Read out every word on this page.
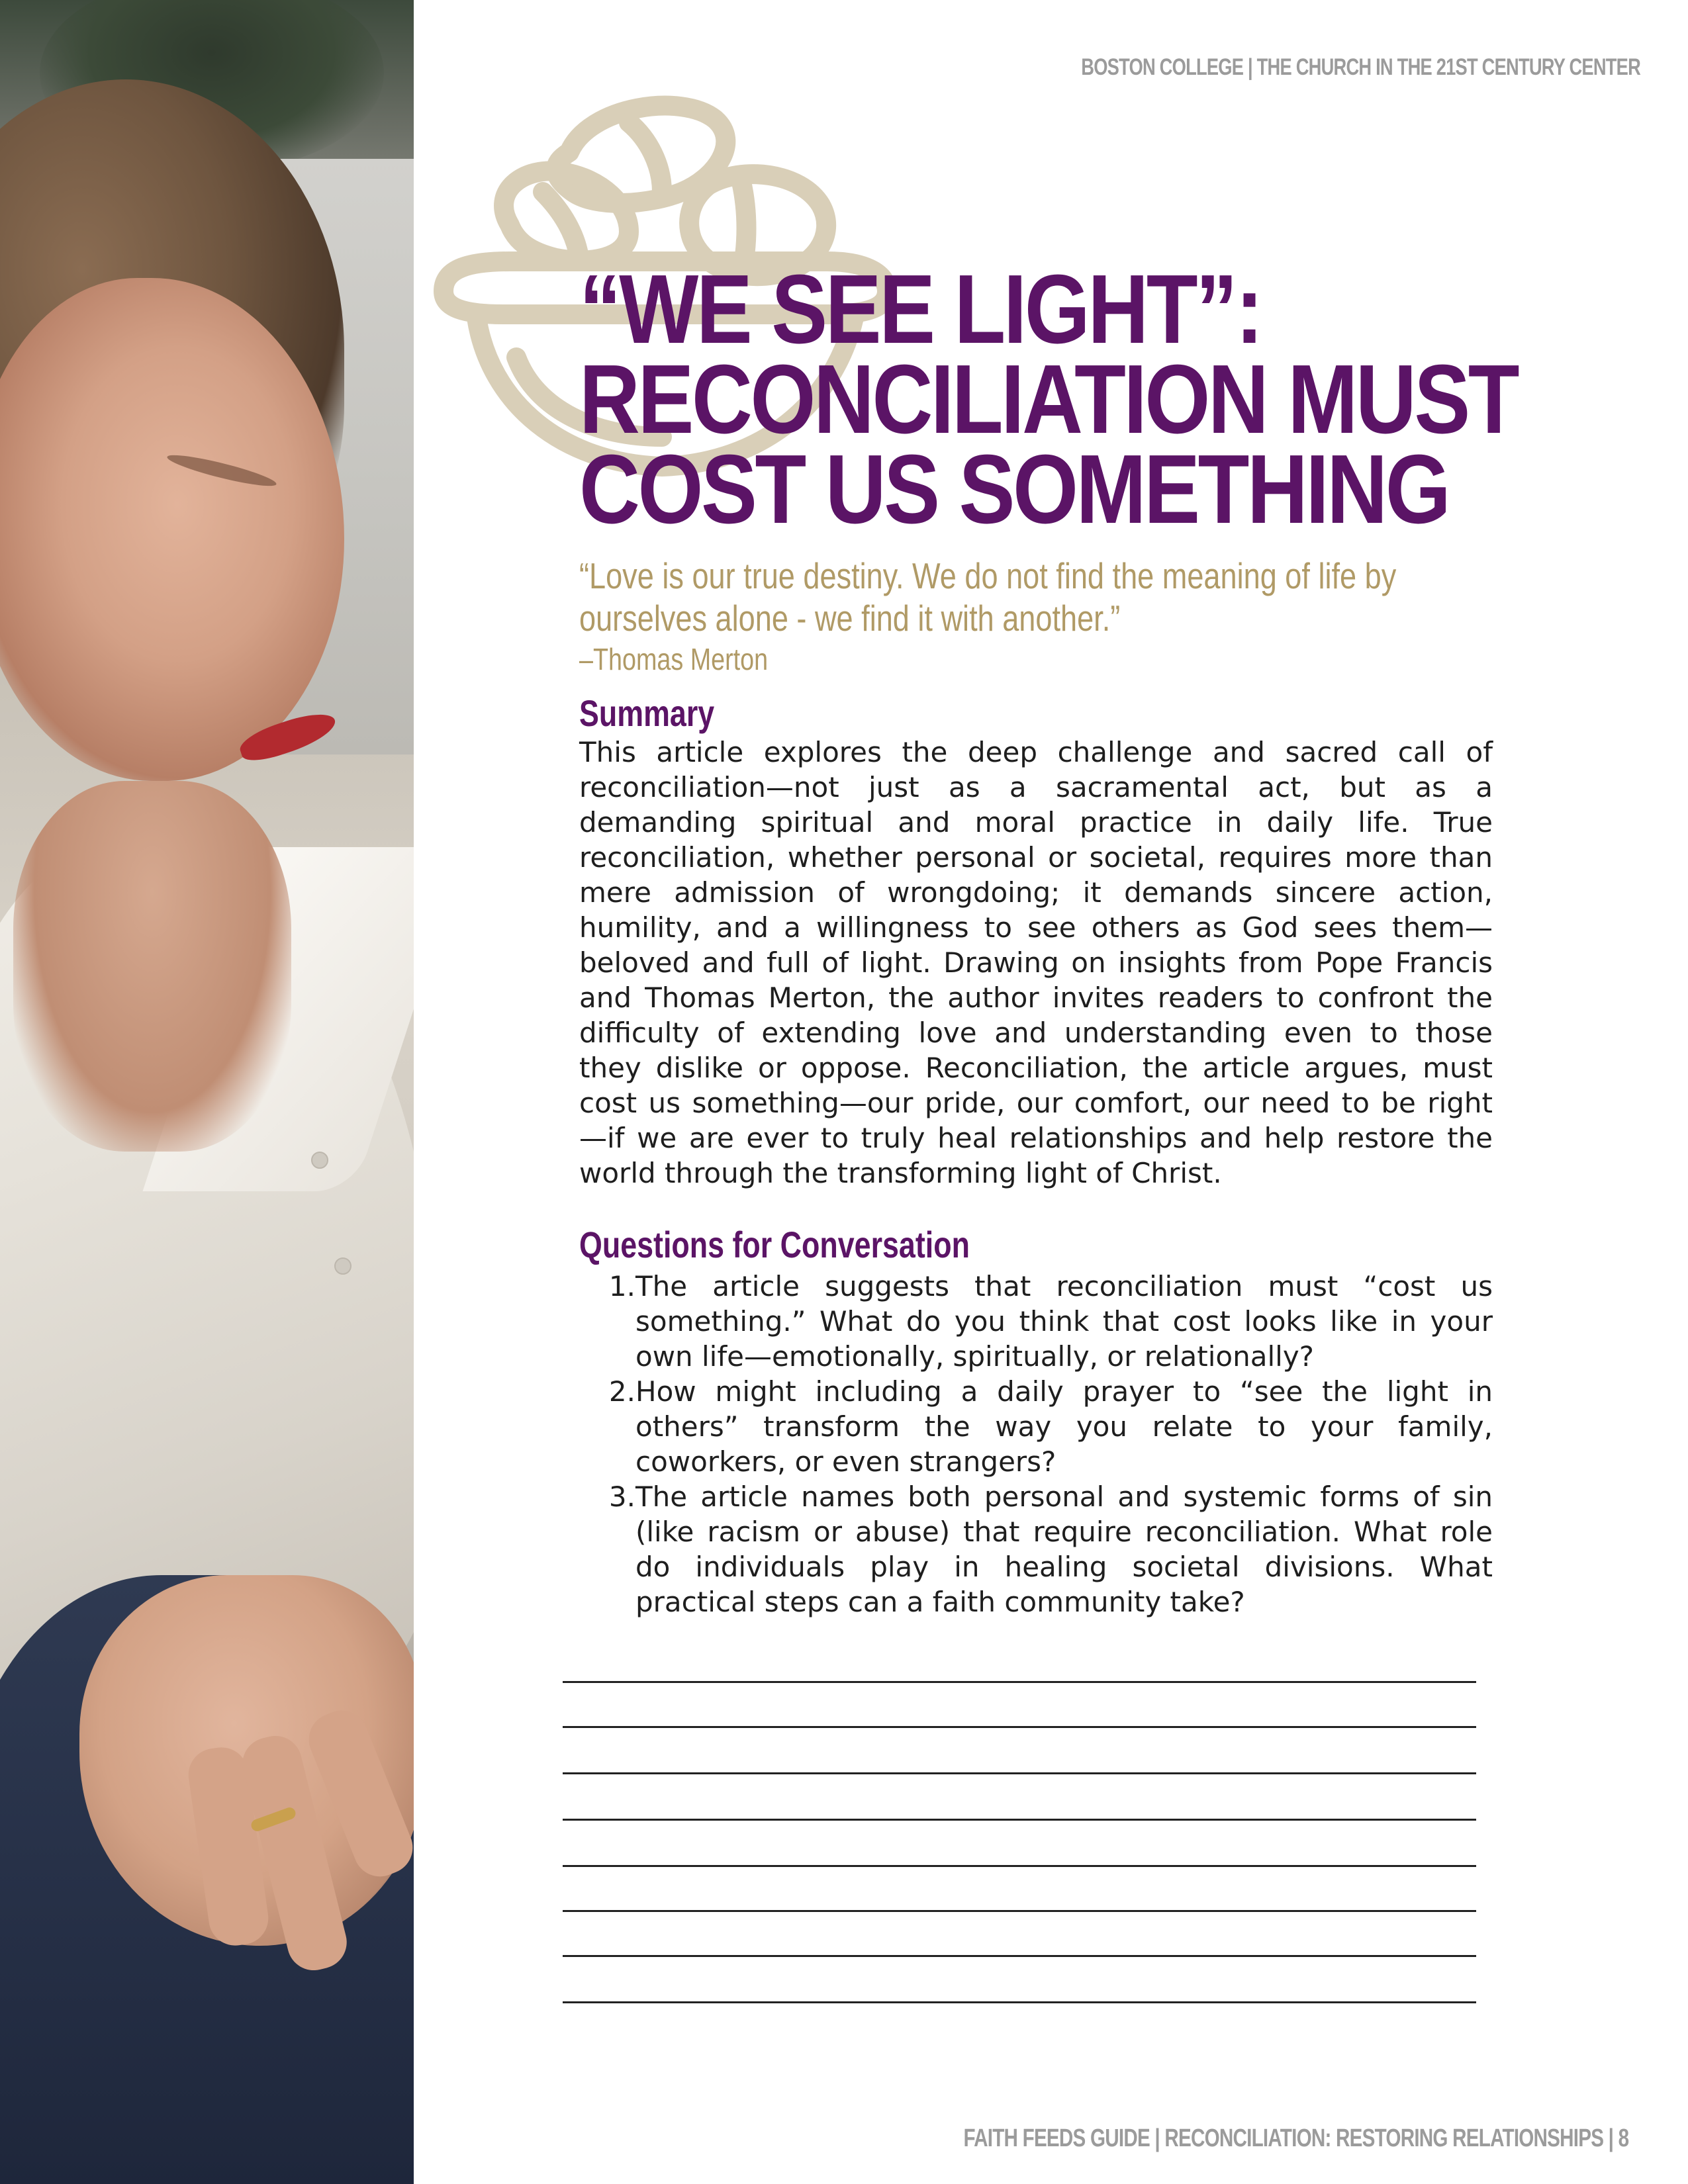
BOSTON COLLEGE | THE CHURCH IN THE 21ST CENTURY CENTER
“WE SEE LIGHT”:
RECONCILIATION MUST
COST US SOMETHING
“Love is our true destiny. We do not find the meaning of life by ourselves alone - we find it with another.”
–Thomas Merton
Summary

This article explores the deep challenge and sacred call of reconciliation—not just as a sacramental act, but as a demanding spiritual and moral practice in daily life. True reconciliation, whether personal or societal, requires more than mere admission of wrongdoing; it demands sincere action, humility, and a willingness to see others as God sees them—beloved and full of light. Drawing on insights from Pope Francis and Thomas Merton, the author invites readers to confront the difficulty of extending love and understanding even to those they dislike or oppose. Reconciliation, the article argues, must cost us something—our pride, our comfort, our need to be right—if we are ever to truly heal relationships and help restore the world through the transforming light of Christ.

Questions for Conversation
1. The article suggests that reconciliation must “cost us something.” What do you think that cost looks like in your own life—emotionally, spiritually, or relationally?
2. How might including a daily prayer to “see the light in others” transform the way you relate to your family, coworkers, or even strangers?
3. The article names both personal and systemic forms of sin (like racism or abuse) that require reconciliation. What role do individuals play in healing societal divisions. What practical steps can a faith community take?
FAITH FEEDS GUIDE | RECONCILIATION: RESTORING RELATIONSHIPS | 8
